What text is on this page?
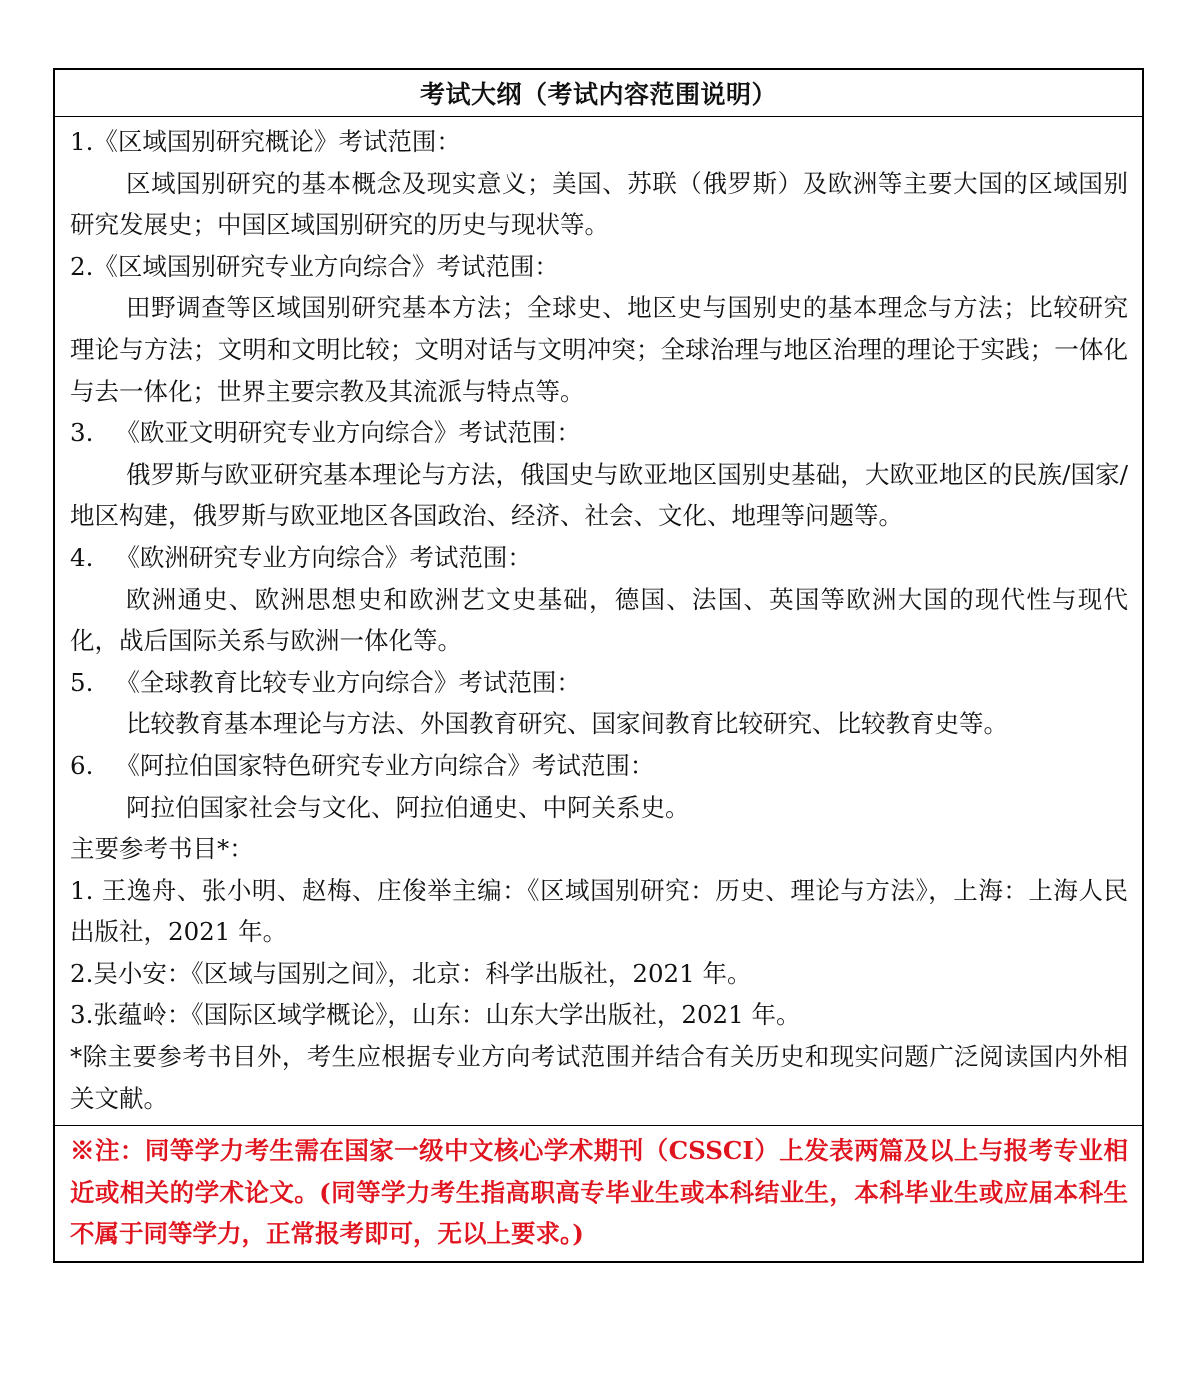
考试大纲（考试内容范围说明）

1.《区域国别研究概论》考试范围：

区域国别研究的基本概念及现实意义；美国、苏联（俄罗斯）及欧洲等主要大国的区域国别研究发展史；中国区域国别研究的历史与现状等。

2.《区域国别研究专业方向综合》考试范围：

田野调查等区域国别研究基本方法；全球史、地区史与国别史的基本理念与方法；比较研究理论与方法；文明和文明比较；文明对话与文明冲突；全球治理与地区治理的理论于实践；一体化与去一体化；世界主要宗教及其流派与特点等。

3. 《欧亚文明研究专业方向综合》考试范围：

俄罗斯与欧亚研究基本理论与方法，俄国史与欧亚地区国别史基础，大欧亚地区的民族/国家/地区构建，俄罗斯与欧亚地区各国政治、经济、社会、文化、地理等问题等。

4. 《欧洲研究专业方向综合》考试范围：

欧洲通史、欧洲思想史和欧洲艺文史基础，德国、法国、英国等欧洲大国的现代性与现代化，战后国际关系与欧洲一体化等。

5. 《全球教育比较专业方向综合》考试范围：

比较教育基本理论与方法、外国教育研究、国家间教育比较研究、比较教育史等。

6. 《阿拉伯国家特色研究专业方向综合》考试范围：

阿拉伯国家社会与文化、阿拉伯通史、中阿关系史。

主要参考书目*：

1. 王逸舟、张小明、赵梅、庄俊举主编：《区域国别研究：历史、理论与方法》，上海：上海人民出版社，2021 年。

2.吴小安：《区域与国别之间》，北京：科学出版社，2021 年。

3.张蕴岭：《国际区域学概论》，山东：山东大学出版社，2021 年。

*除主要参考书目外，考生应根据专业方向考试范围并结合有关历史和现实问题广泛阅读国内外相关文献。

※注：同等学力考生需在国家一级中文核心学术期刊（CSSCI）上发表两篇及以上与报考专业相近或相关的学术论文。(同等学力考生指高职高专毕业生或本科结业生，本科毕业生或应届本科生不属于同等学力，正常报考即可，无以上要求。)
